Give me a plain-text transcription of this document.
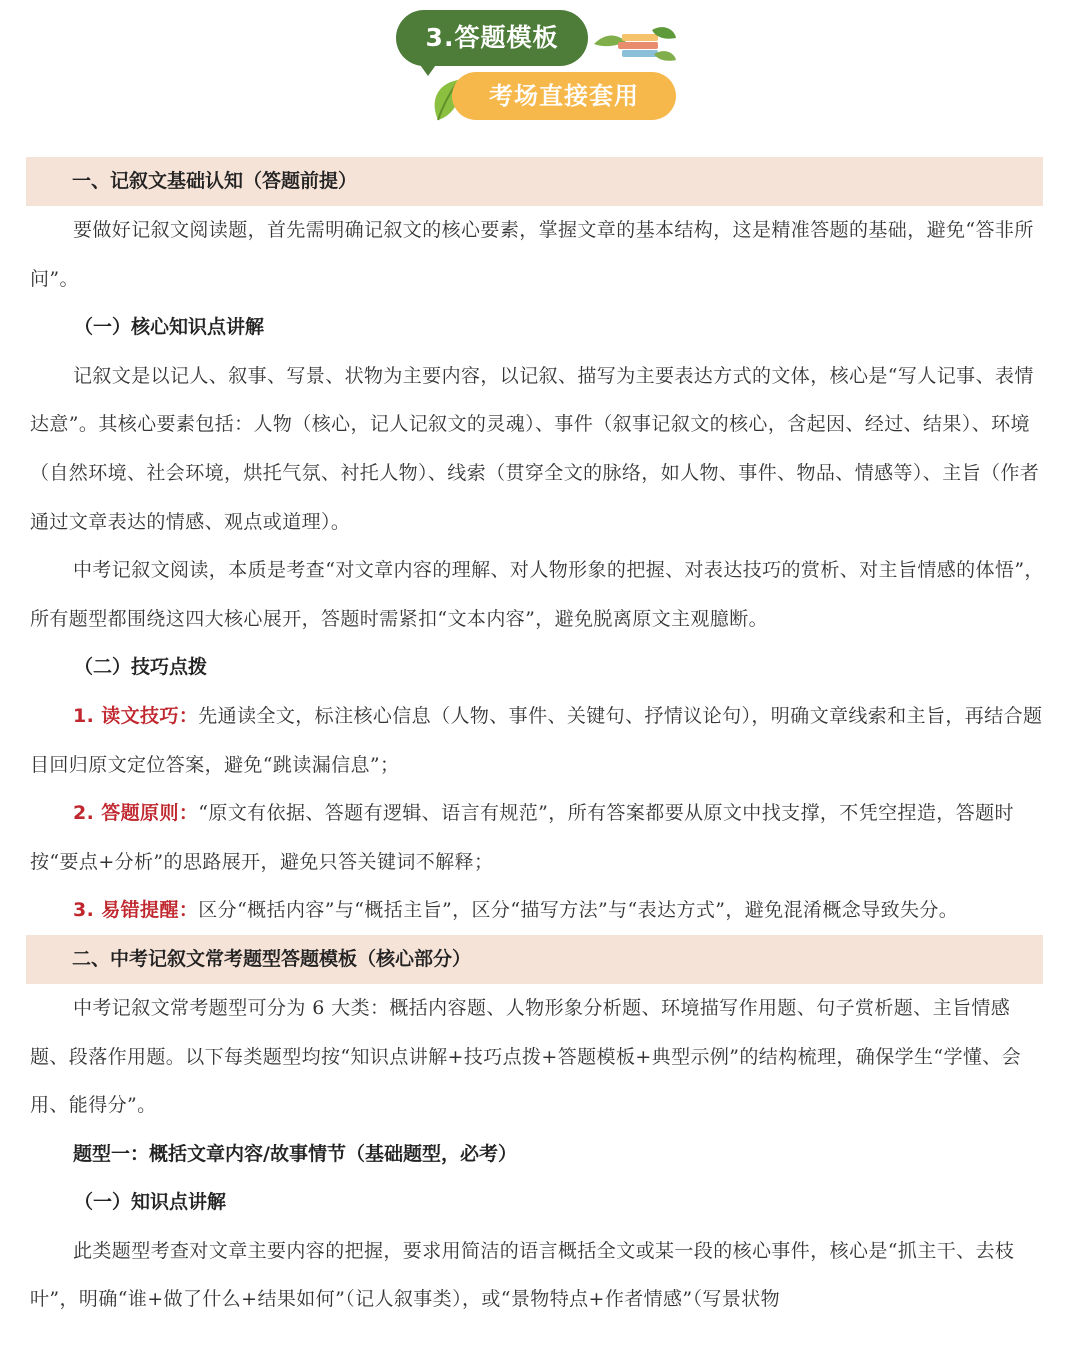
3.答题模板
考场直接套用
一、记叙文基础认知（答题前提）

要做好记叙文阅读题，首先需明确记叙文的核心要素，掌握文章的基本结构，这是精准答题的基础，避免“答非所问”。

（一）核心知识点讲解

记叙文是以记人、叙事、写景、状物为主要内容，以记叙、描写为主要表达方式的文体，核心是“写人记事、表情达意”。其核心要素包括：人物（核心，记人记叙文的灵魂）、事件（叙事记叙文的核心，含起因、经过、结果）、环境（自然环境、社会环境，烘托气氛、衬托人物）、线索（贯穿全文的脉络，如人物、事件、物品、情感等）、主旨（作者通过文章表达的情感、观点或道理）。

中考记叙文阅读，本质是考查“对文章内容的理解、对人物形象的把握、对表达技巧的赏析、对主旨情感的体悟”，所有题型都围绕这四大核心展开，答题时需紧扣“文本内容”，避免脱离原文主观臆断。

（二）技巧点拨

1. 读文技巧：先通读全文，标注核心信息（人物、事件、关键句、抒情议论句），明确文章线索和主旨，再结合题目回归原文定位答案，避免“跳读漏信息”；

2. 答题原则：“原文有依据、答题有逻辑、语言有规范”，所有答案都要从原文中找支撑，不凭空捏造，答题时按“要点+分析”的思路展开，避免只答关键词不解释；

3. 易错提醒：区分“概括内容”与“概括主旨”，区分“描写方法”与“表达方式”，避免混淆概念导致失分。

二、中考记叙文常考题型答题模板（核心部分）

中考记叙文常考题型可分为 6 大类：概括内容题、人物形象分析题、环境描写作用题、句子赏析题、主旨情感题、段落作用题。以下每类题型均按“知识点讲解+技巧点拨+答题模板+典型示例”的结构梳理，确保学生“学懂、会用、能得分”。

题型一：概括文章内容/故事情节（基础题型，必考）

（一）知识点讲解

此类题型考查对文章主要内容的把握，要求用简洁的语言概括全文或某一段的核心事件，核心是“抓主干、去枝叶”，明确“谁+做了什么+结果如何”（记人叙事类），或“景物特点+作者情感”（写景状物
